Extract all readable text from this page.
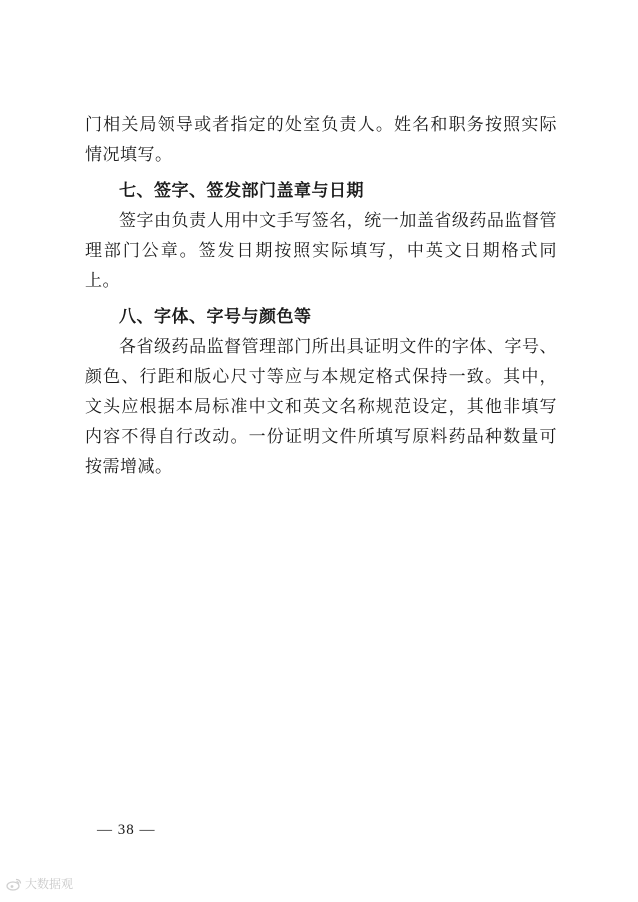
门相关局领导或者指定的处室负责人。姓名和职务按照实际情况填写。

七、签字、签发部门盖章与日期

签字由负责人用中文手写签名，统一加盖省级药品监督管理部门公章。签发日期按照实际填写，中英文日期格式同上。

八、字体、字号与颜色等

各省级药品监督管理部门所出具证明文件的字体、字号、颜色、行距和版心尺寸等应与本规定格式保持一致。其中，文头应根据本局标准中文和英文名称规范设定，其他非填写内容不得自行改动。一份证明文件所填写原料药品种数量可按需增减。

— 38 —
大数据观
